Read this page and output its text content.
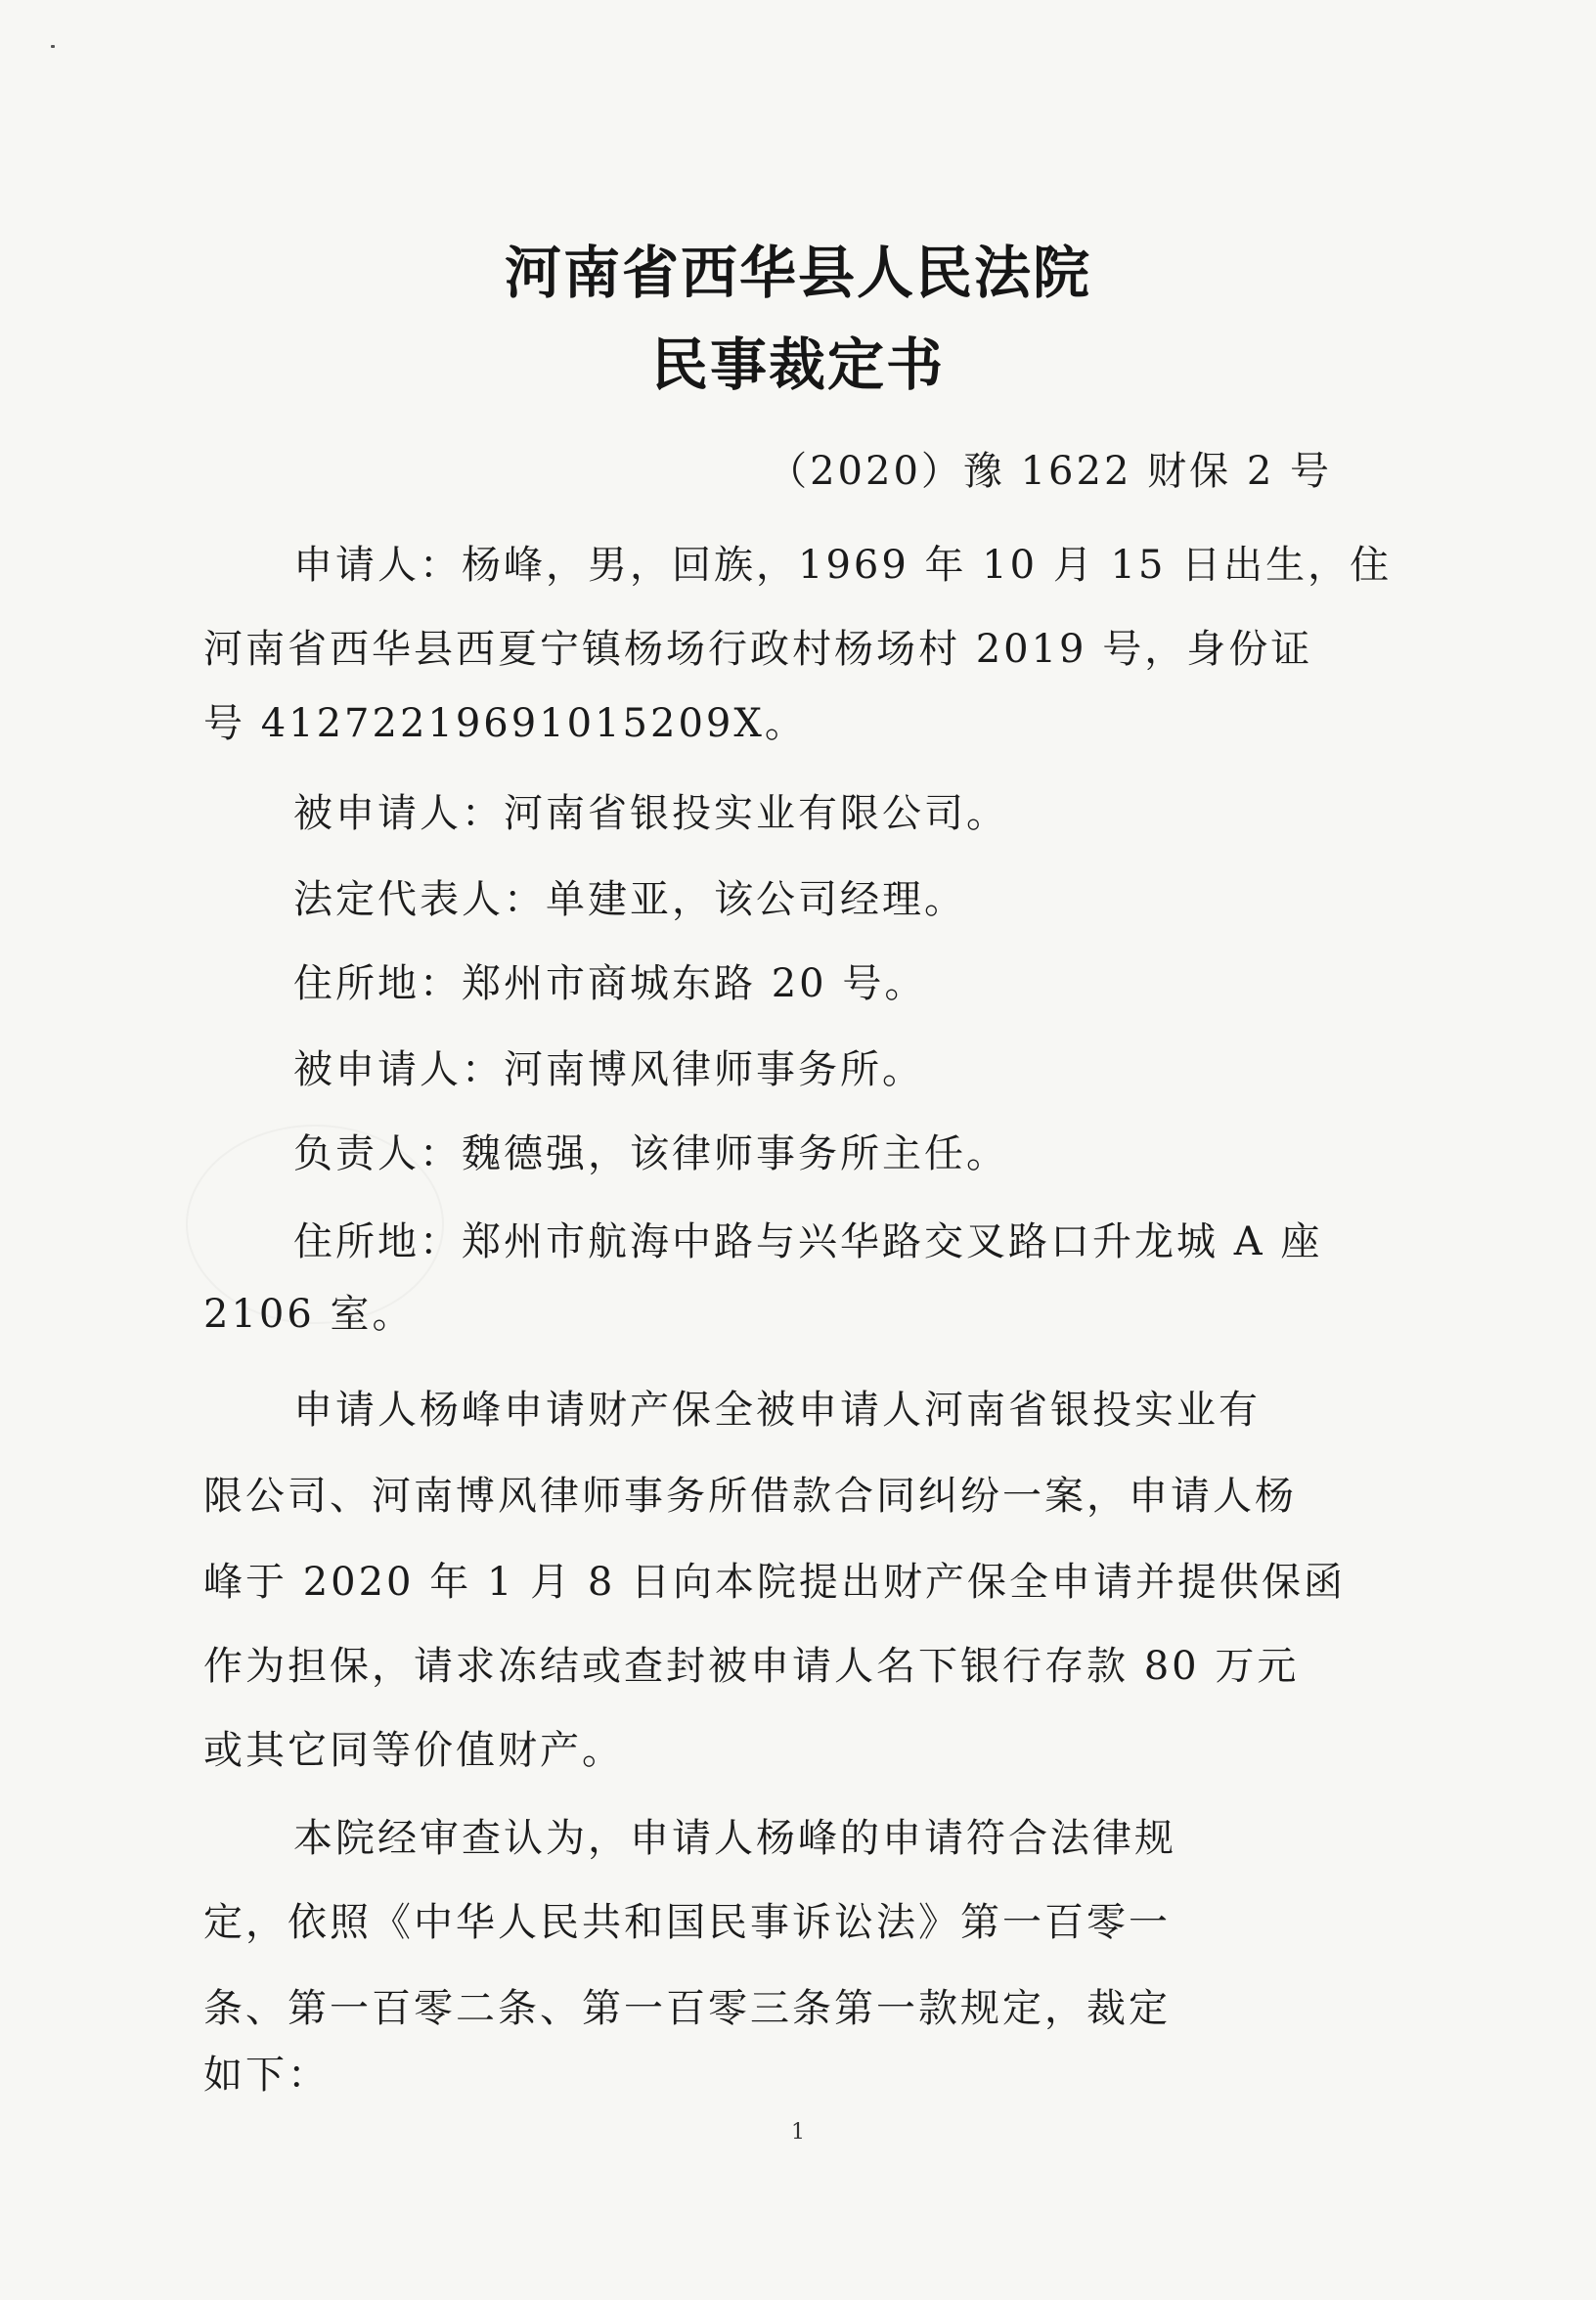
河南省西华县人民法院
民事裁定书
（2020）豫 1622 财保 2 号
申请人：杨峰，男，回族，1969 年 10 月 15 日出生，住
河南省西华县西夏宁镇杨场行政村杨场村 2019 号，身份证
号 41272219691015209X。
被申请人：河南省银投实业有限公司。
法定代表人：单建亚，该公司经理。
住所地：郑州市商城东路 20 号。
被申请人：河南博风律师事务所。
负责人：魏德强，该律师事务所主任。
住所地：郑州市航海中路与兴华路交叉路口升龙城 A 座
2106 室。
申请人杨峰申请财产保全被申请人河南省银投实业有
限公司、河南博风律师事务所借款合同纠纷一案，申请人杨
峰于 2020 年 1 月 8 日向本院提出财产保全申请并提供保函
作为担保，请求冻结或查封被申请人名下银行存款 80 万元
或其它同等价值财产。
本院经审查认为，申请人杨峰的申请符合法律规
定，依照《中华人民共和国民事诉讼法》第一百零一
条、第一百零二条、第一百零三条第一款规定，裁定
如下：
1
